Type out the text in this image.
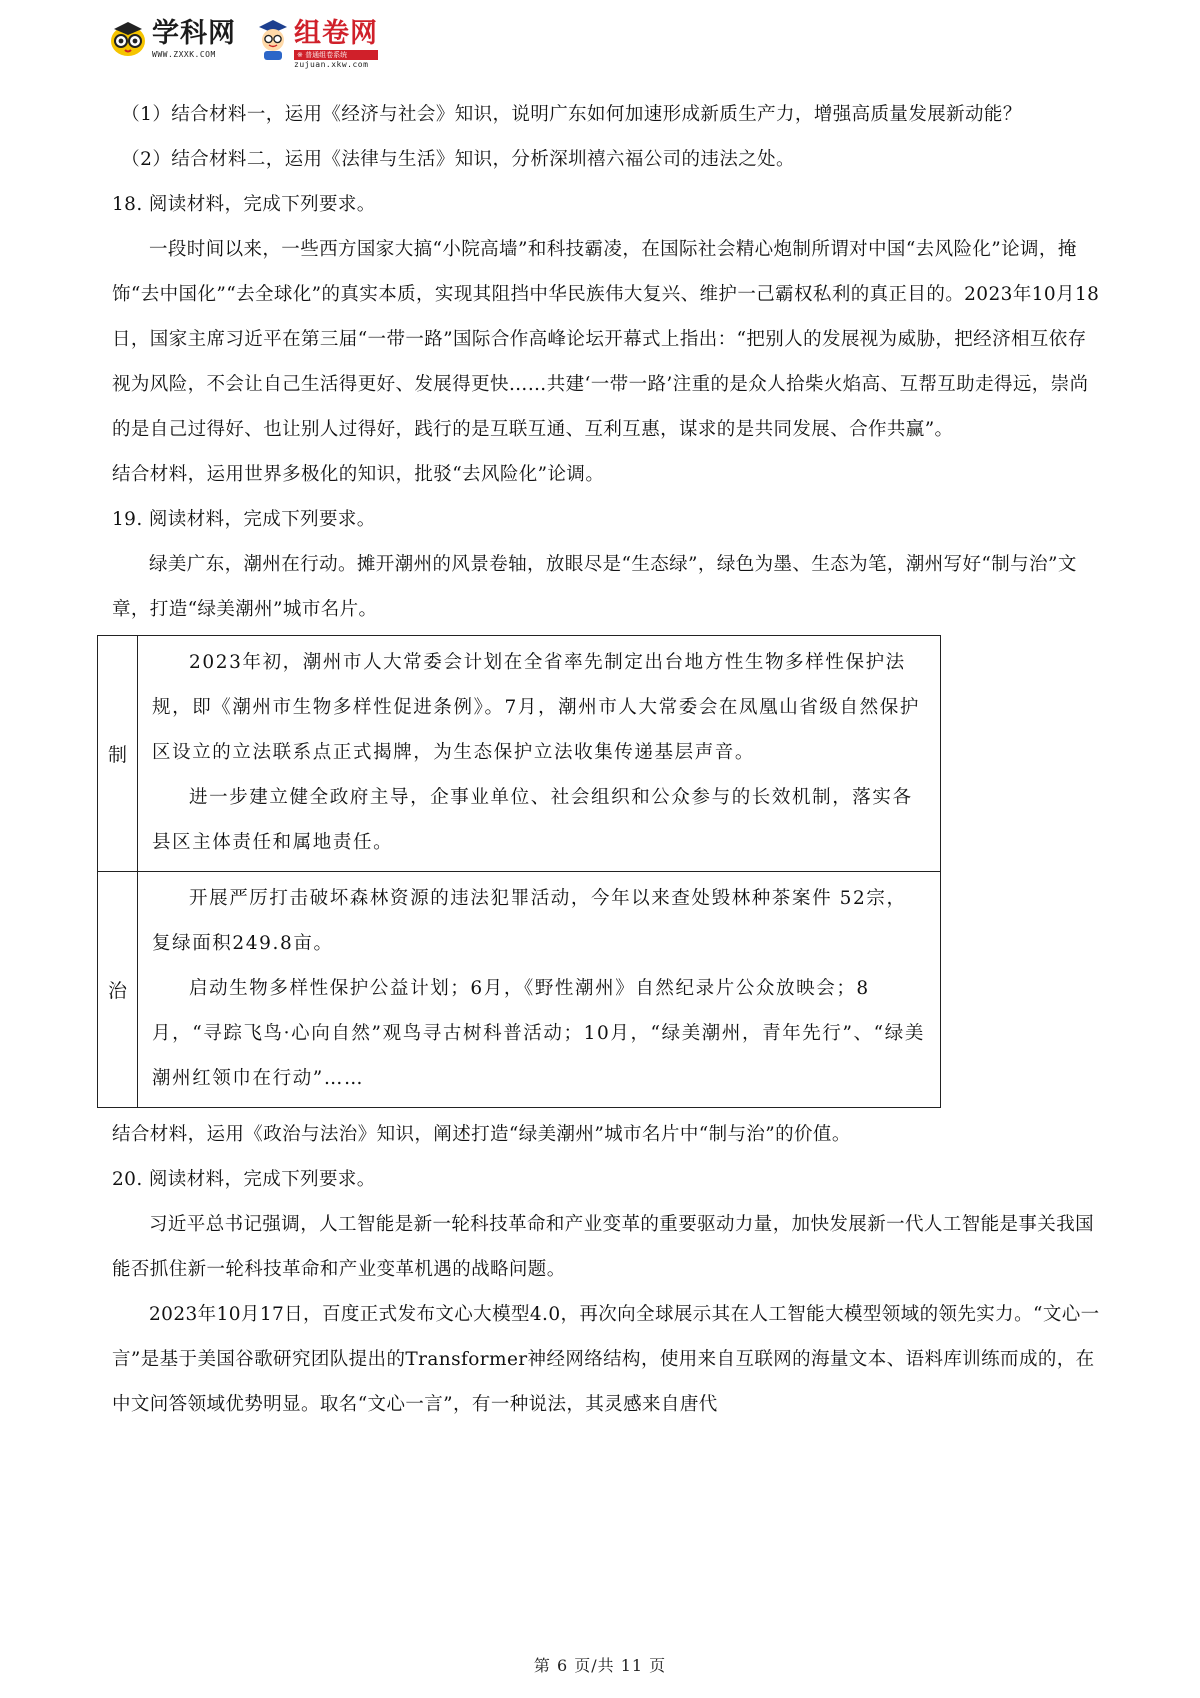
学科网
WWW.ZXXK.COM
组卷网
※ 普通组卷系统
zujuan.xkw.com

（1）结合材料一，运用《经济与社会》知识，说明广东如何加速形成新质生产力，增强高质量发展新动能？

（2）结合材料二，运用《法律与生活》知识，分析深圳禧六福公司的违法之处。

18. 阅读材料，完成下列要求。

一段时间以来，一些西方国家大搞“小院高墙”和科技霸凌，在国际社会精心炮制所谓对中国“去风险化”论调，掩饰“去中国化”“去全球化”的真实本质，实现其阻挡中华民族伟大复兴、维护一己霸权私利的真正目的。2023年10月18日，国家主席习近平在第三届“一带一路”国际合作高峰论坛开幕式上指出：“把别人的发展视为威胁，把经济相互依存视为风险，不会让自己生活得更好、发展得更快……共建‘一带一路’注重的是众人拾柴火焰高、互帮互助走得远，崇尚的是自己过得好、也让别人过得好，践行的是互联互通、互利互惠，谋求的是共同发展、合作共赢”。

结合材料，运用世界多极化的知识，批驳“去风险化”论调。

19. 阅读材料，完成下列要求。

绿美广东，潮州在行动。摊开潮州的风景卷轴，放眼尽是“生态绿”，绿色为墨、生态为笔，潮州写好“制与治”文章，打造“绿美潮州”城市名片。

制

2023年初，潮州市人大常委会计划在全省率先制定出台地方性生物多样性保护法规，即《潮州市生物多样性促进条例》。7月，潮州市人大常委会在凤凰山省级自然保护区设立的立法联系点正式揭牌，为生态保护立法收集传递基层声音。

进一步建立健全政府主导，企事业单位、社会组织和公众参与的长效机制，落实各县区主体责任和属地责任。

治

开展严厉打击破坏森林资源的违法犯罪活动，今年以来查处毁林种茶案件 52宗，复绿面积249.8亩。

启动生物多样性保护公益计划；6月，《野性潮州》自然纪录片公众放映会；8月，“寻踪飞鸟·心向自然”观鸟寻古树科普活动；10月，“绿美潮州，青年先行”、“绿美潮州红领巾在行动”……

结合材料，运用《政治与法治》知识，阐述打造“绿美潮州”城市名片中“制与治”的价值。

20. 阅读材料，完成下列要求。

习近平总书记强调，人工智能是新一轮科技革命和产业变革的重要驱动力量，加快发展新一代人工智能是事关我国能否抓住新一轮科技革命和产业变革机遇的战略问题。

2023年10月17日，百度正式发布文心大模型4.0，再次向全球展示其在人工智能大模型领域的领先实力。“文心一言”是基于美国谷歌研究团队提出的Transformer神经网络结构，使用来自互联网的海量文本、语料库训练而成的，在中文问答领域优势明显。取名“文心一言”，有一种说法，其灵感来自唐代

第 6 页/共 11 页
